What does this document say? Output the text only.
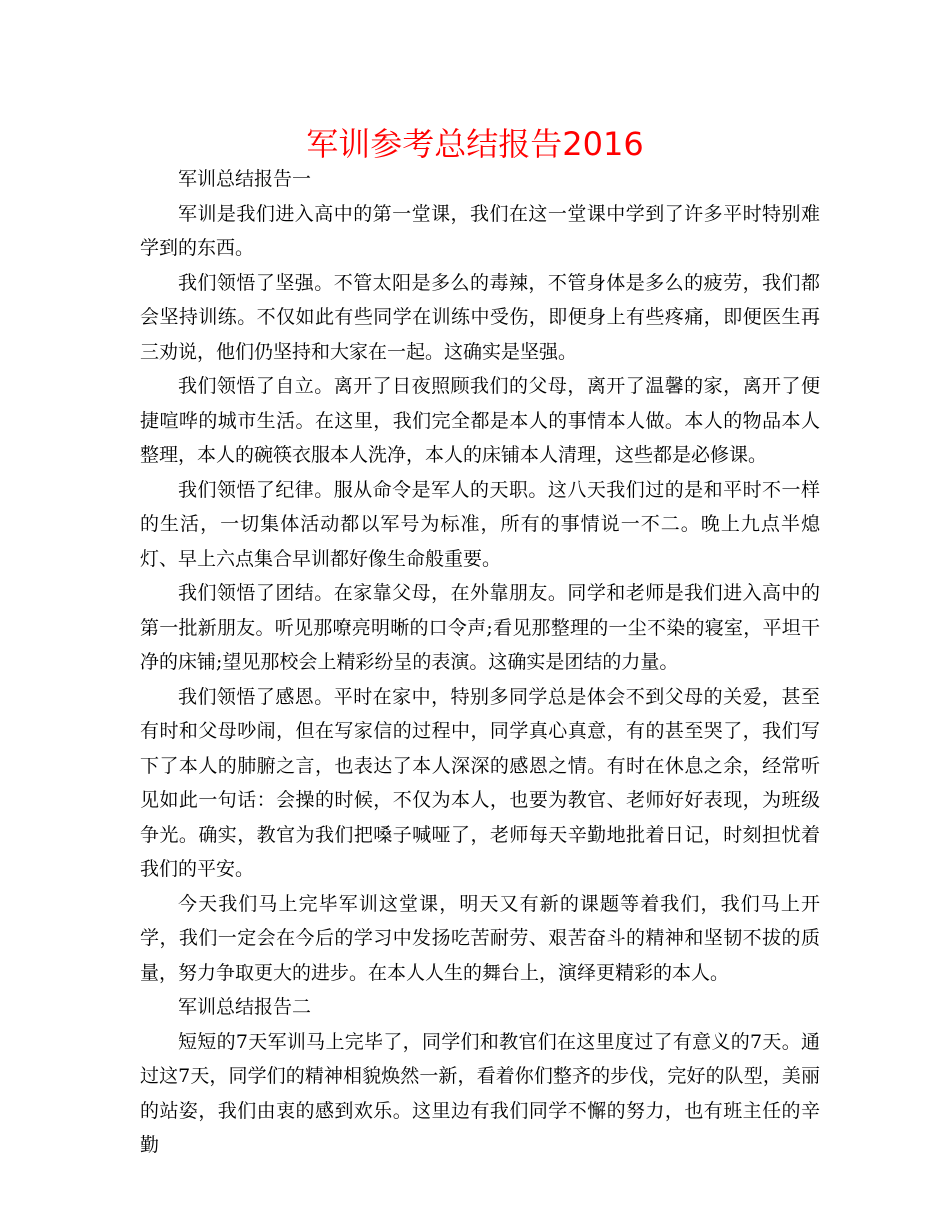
军训参考总结报告2016

军训总结报告一

军训是我们进入高中的第一堂课，我们在这一堂课中学到了许多平时特别难学到的东西。

我们领悟了坚强。不管太阳是多么的毒辣，不管身体是多么的疲劳，我们都会坚持训练。不仅如此有些同学在训练中受伤，即便身上有些疼痛，即便医生再三劝说，他们仍坚持和大家在一起。这确实是坚强。

我们领悟了自立。离开了日夜照顾我们的父母，离开了温馨的家，离开了便捷喧哗的城市生活。在这里，我们完全都是本人的事情本人做。本人的物品本人整理，本人的碗筷衣服本人洗净，本人的床铺本人清理，这些都是必修课。

我们领悟了纪律。服从命令是军人的天职。这八天我们过的是和平时不一样的生活，一切集体活动都以军号为标准，所有的事情说一不二。晚上九点半熄灯、早上六点集合早训都好像生命般重要。

我们领悟了团结。在家靠父母，在外靠朋友。同学和老师是我们进入高中的第一批新朋友。听见那嘹亮明晰的口令声;看见那整理的一尘不染的寝室，平坦干净的床铺;望见那校会上精彩纷呈的表演。这确实是团结的力量。

我们领悟了感恩。平时在家中，特别多同学总是体会不到父母的关爱，甚至有时和父母吵闹，但在写家信的过程中，同学真心真意，有的甚至哭了，我们写下了本人的肺腑之言，也表达了本人深深的感恩之情。有时在休息之余，经常听见如此一句话：会操的时候，不仅为本人，也要为教官、老师好好表现，为班级争光。确实，教官为我们把嗓子喊哑了，老师每天辛勤地批着日记，时刻担忧着我们的平安。

今天我们马上完毕军训这堂课，明天又有新的课题等着我们，我们马上开学，我们一定会在今后的学习中发扬吃苦耐劳、艰苦奋斗的精神和坚韧不拔的质量，努力争取更大的进步。在本人人生的舞台上，演绎更精彩的本人。

军训总结报告二

短短的7天军训马上完毕了，同学们和教官们在这里度过了有意义的7天。通过这7天，同学们的精神相貌焕然一新，看着你们整齐的步伐，完好的队型，美丽的站姿，我们由衷的感到欢乐。这里边有我们同学不懈的努力，也有班主任的辛勤
